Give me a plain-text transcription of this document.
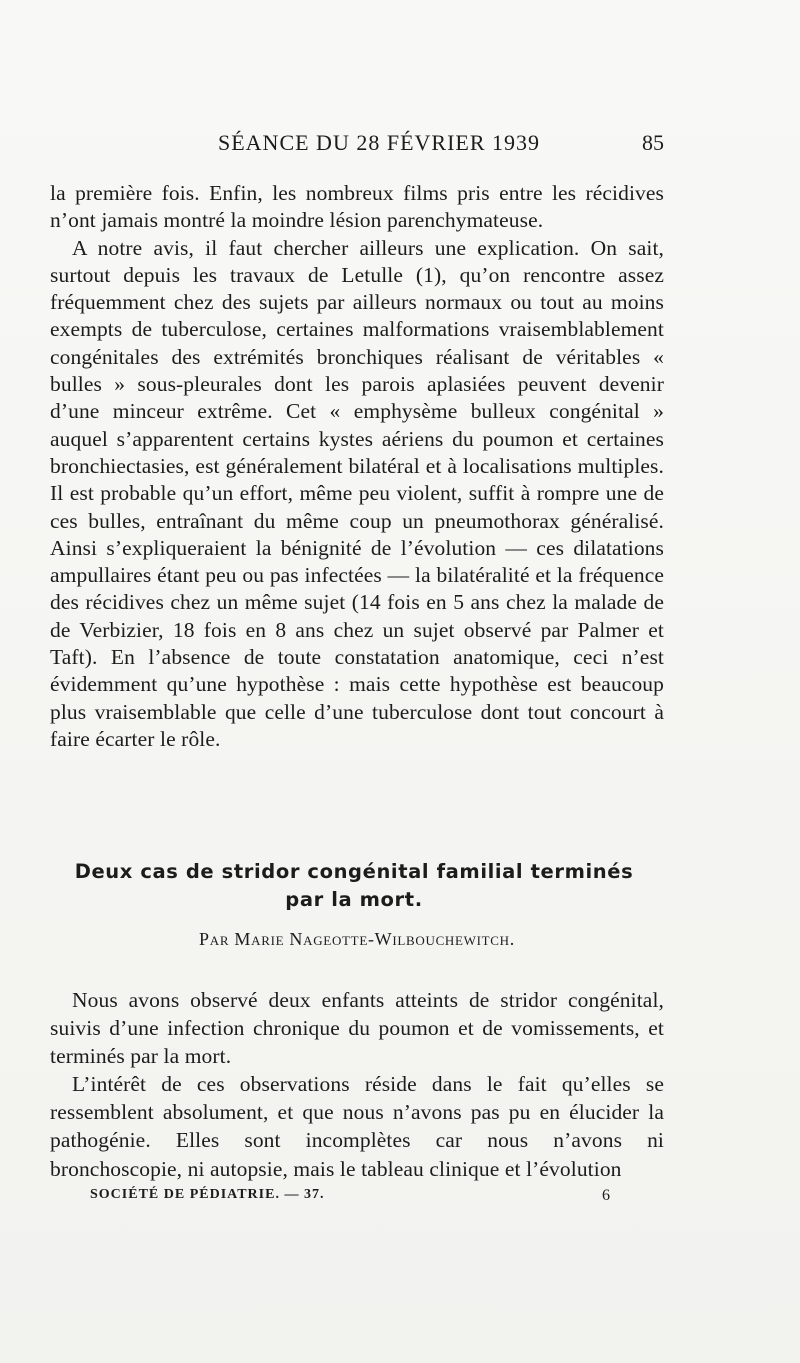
SÉANCE DU 28 FÉVRIER 1939	85

la première fois. Enfin, les nombreux films pris entre les récidives n’ont jamais montré la moindre lésion parenchymateuse.

A notre avis, il faut chercher ailleurs une explication. On sait, surtout depuis les travaux de Letulle (1), qu’on rencontre assez fréquemment chez des sujets par ailleurs normaux ou tout au moins exempts de tuberculose, certaines malformations vraisemblablement congénitales des extrémités bronchiques réalisant de véritables « bulles » sous-pleurales dont les parois aplasiées peuvent devenir d’une minceur extrême. Cet « emphysème bulleux congénital » auquel s’apparentent certains kystes aériens du poumon et certaines bronchiectasies, est généralement bilatéral et à localisations multiples. Il est probable qu’un effort, même peu violent, suffit à rompre une de ces bulles, entraînant du même coup un pneumothorax généralisé. Ainsi s’expliqueraient la bénignité de l’évolution — ces dilatations ampullaires étant peu ou pas infectées — la bilatéralité et la fréquence des récidives chez un même sujet (14 fois en 5 ans chez la malade de de Verbizier, 18 fois en 8 ans chez un sujet observé par Palmer et Taft). En l’absence de toute constatation anatomique, ceci n’est évidemment qu’une hypothèse : mais cette hypothèse est beaucoup plus vraisemblable que celle d’une tuberculose dont tout concourt à faire écarter le rôle.

Deux cas de stridor congénital familial terminés par la mort.
Par Marie Nageotte-Wilbouchewitch.

Nous avons observé deux enfants atteints de stridor congénital, suivis d’une infection chronique du poumon et de vomissements, et terminés par la mort.

L’intérêt de ces observations réside dans le fait qu’elles se ressemblent absolument, et que nous n’avons pas pu en élucider la pathogénie. Elles sont incomplètes car nous n’avons ni bronchoscopie, ni autopsie, mais le tableau clinique et l’évolution

SOCIÉTÉ DE PÉDIATRIE. — 37.	6
